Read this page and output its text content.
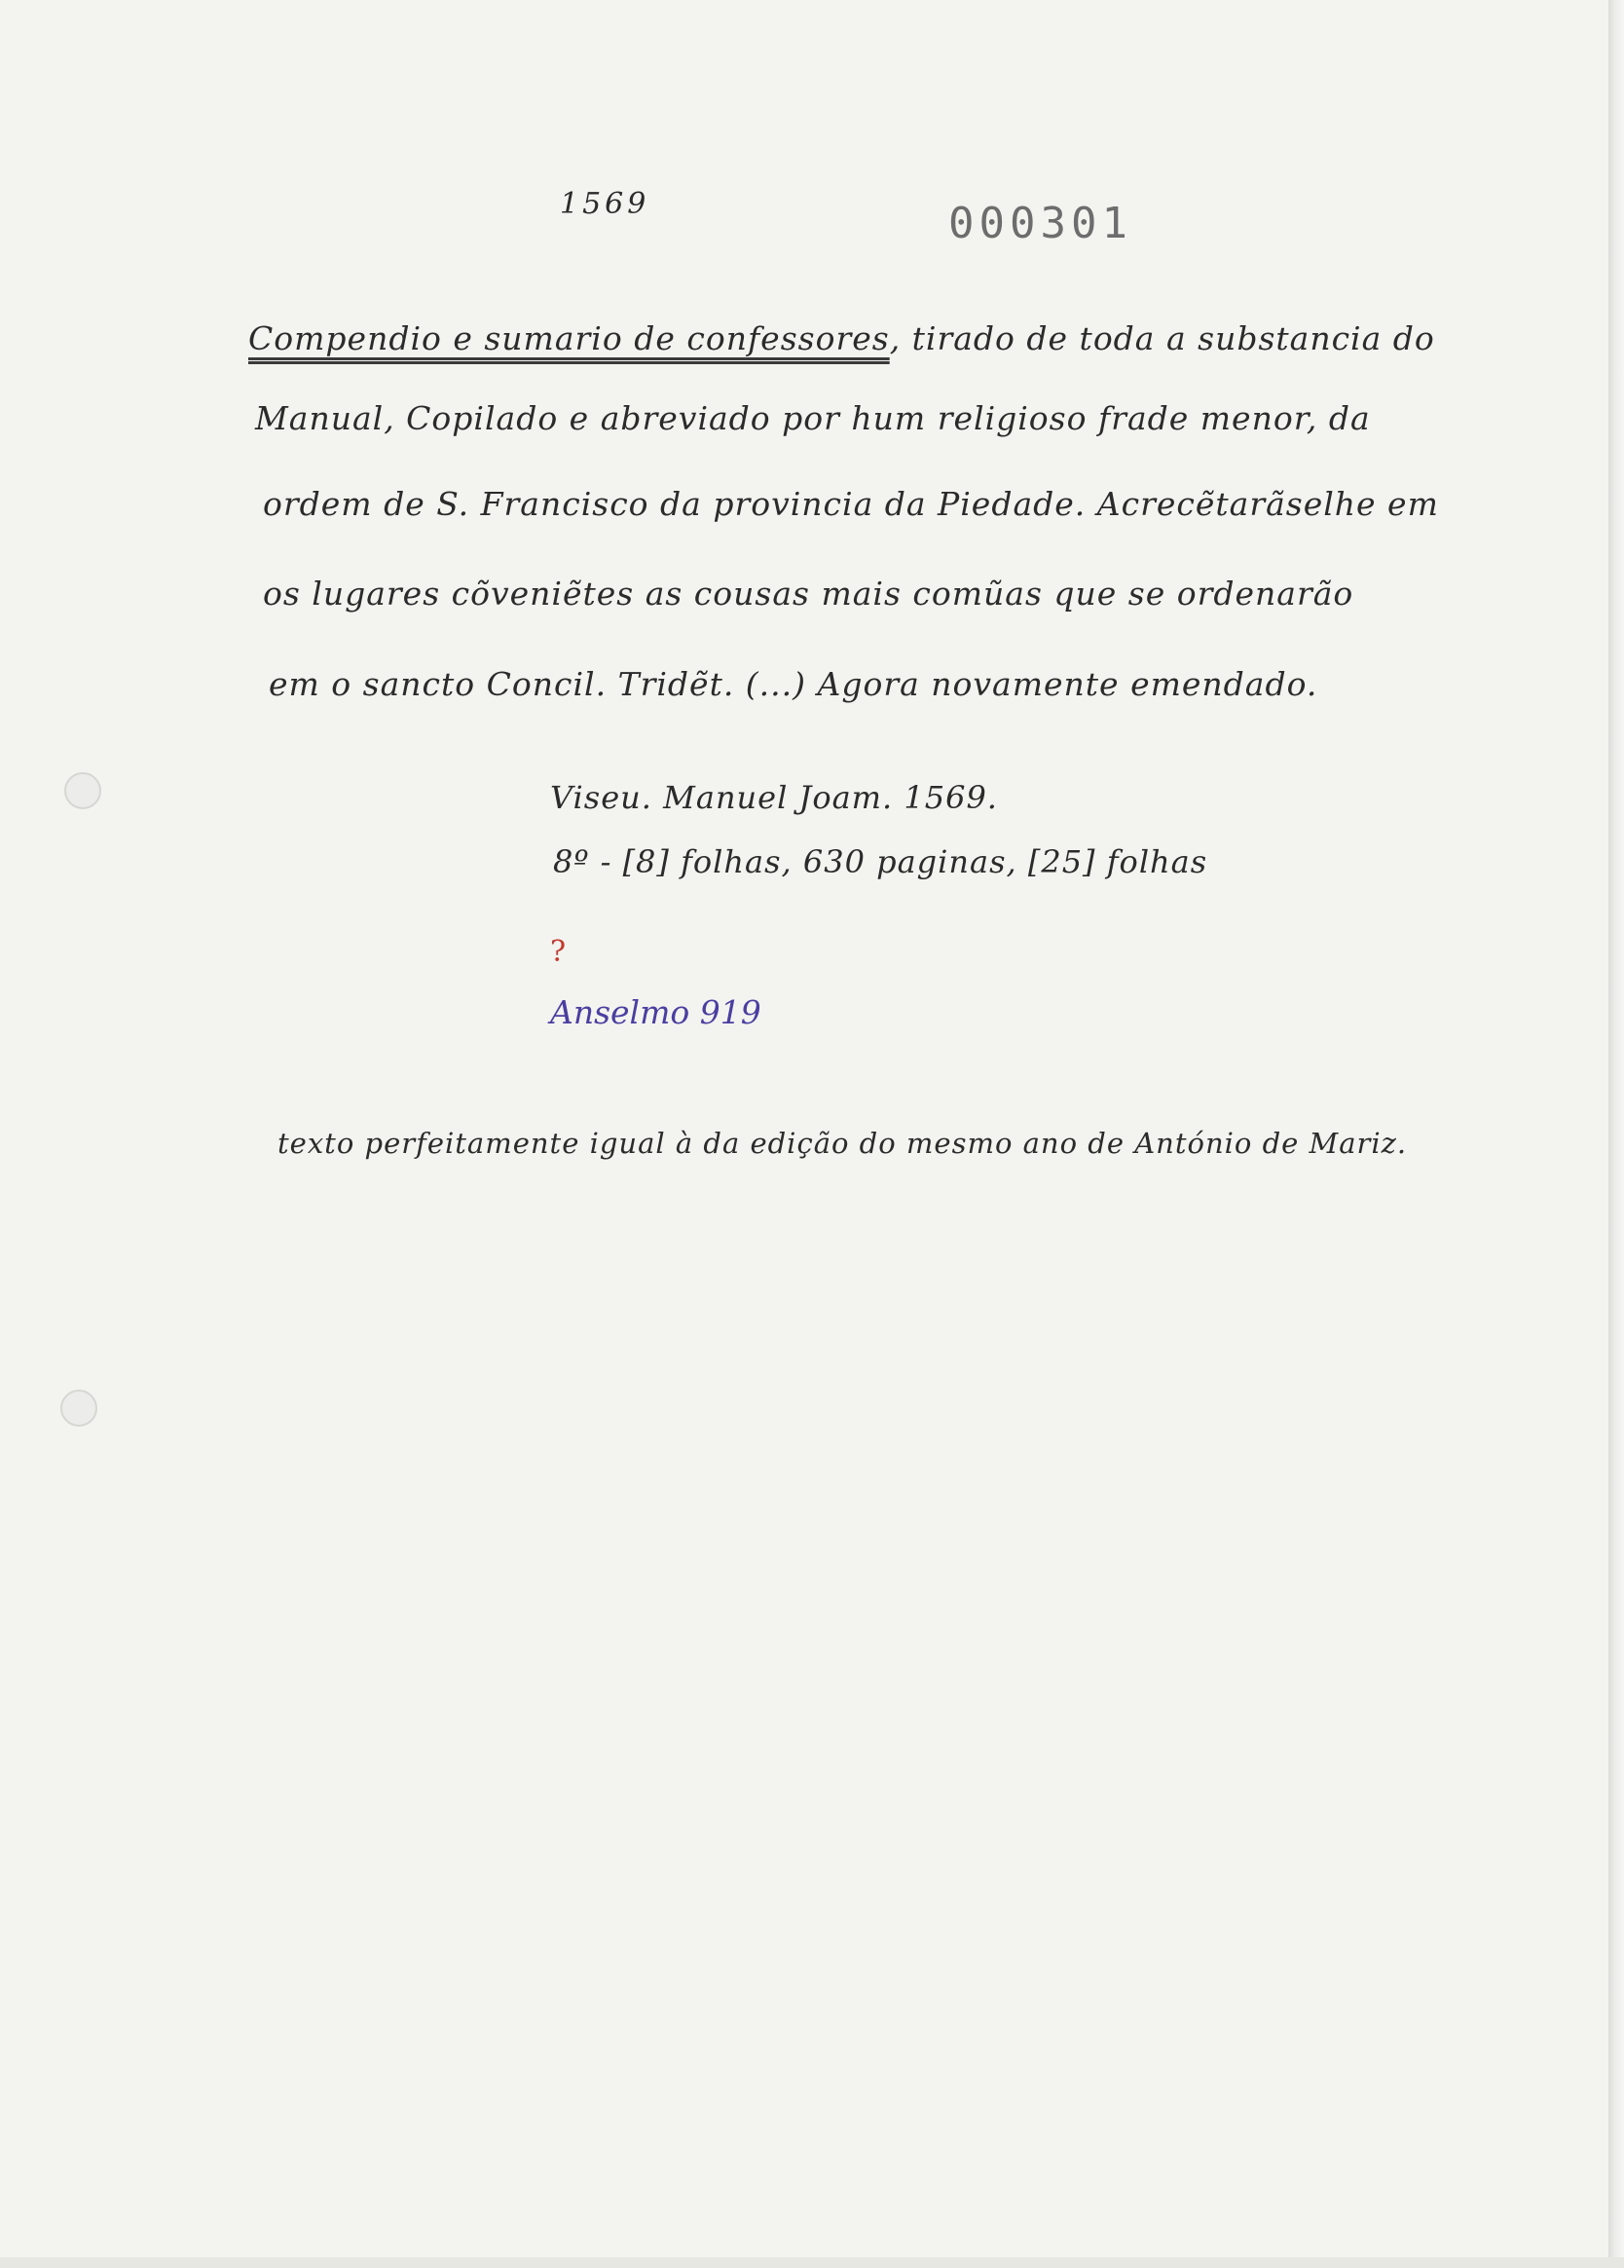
1569	000301
Compendio e sumario de confessores, tirado de toda a substancia do
Manual, Copilado e abreviado por hum religioso frade menor, da
ordem de S. Francisco da provincia da Piedade. Acrecẽtarãselhe em
os lugares cõveniẽtes as cousas mais comũas que se ordenarão
em o sancto Concil. Tridẽt. (...) Agora novamente emendado.
Viseu. Manuel Joam. 1569.
8º - [8] folhas, 630 paginas, [25] folhas
?
Anselmo 919
texto perfeitamente igual à da edição do mesmo ano de António de Mariz.
